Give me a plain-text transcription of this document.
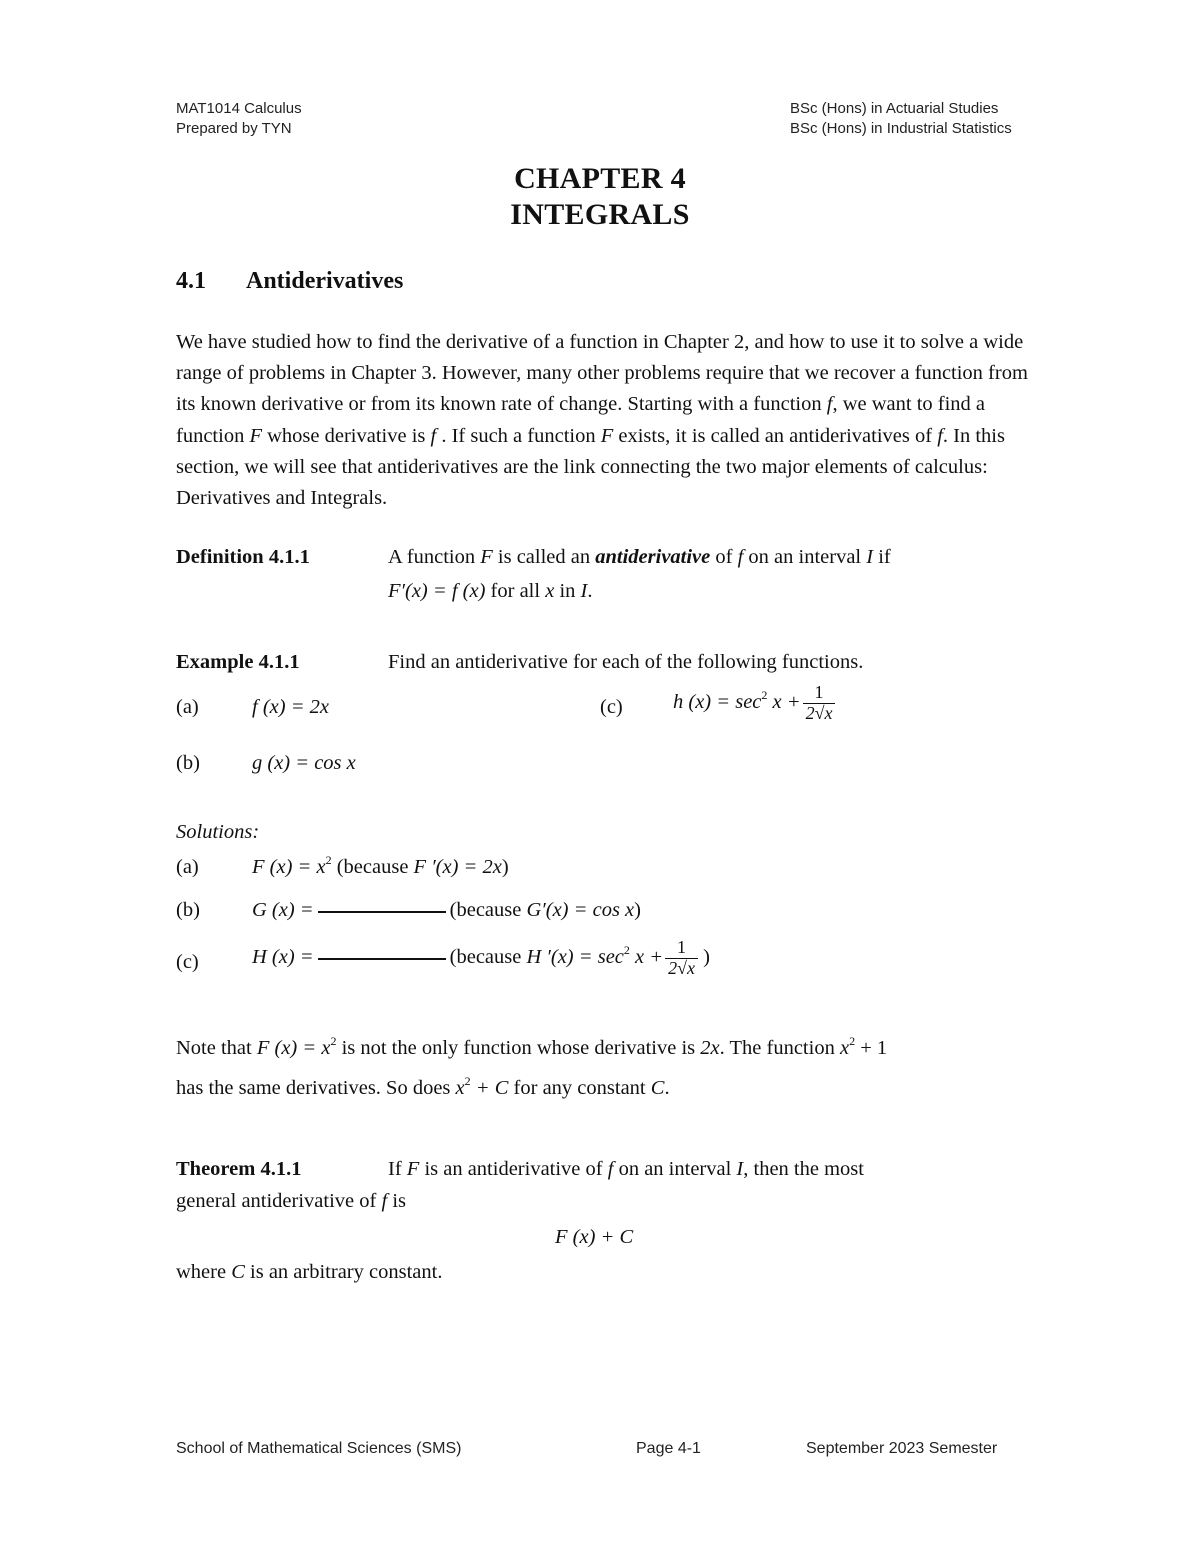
MAT1014 Calculus
Prepared by TYN
BSc (Hons) in Actuarial Studies
BSc (Hons) in Industrial Statistics
CHAPTER 4
INTEGRALS
4.1 Antiderivatives
We have studied how to find the derivative of a function in Chapter 2, and how to use it to solve a wide range of problems in Chapter 3. However, many other problems require that we recover a function from its known derivative or from its known rate of change. Starting with a function f, we want to find a function F whose derivative is f . If such a function F exists, it is called an antiderivatives of f. In this section, we will see that antiderivatives are the link connecting the two major elements of calculus: Derivatives and Integrals.
Definition 4.1.1	A function F is called an antiderivative of f on an interval I if
F′(x) = f (x) for all x in I.
Example 4.1.1	Find an antiderivative for each of the following functions.
(a)	f (x) = 2x	(c) h $(x) = \sec^2 x + \frac{1}{2√x}$
(b)	g (x) = cos x
Solutions:
(a)	F $(x) = x^2$ (because F ′(x) = 2x)
(b)	G (x) =	(because G′(x) = cos x)
(c)	H (x) =	(because H $'(x) = \sec^2 x + \frac{1}{2√x}$ )
Note that F $(x) = x^2$ is not the only function whose derivative is 2x. The function $x^2 + 1$
has the same derivatives. So does $x^2 + C$ for any constant C.
Theorem 4.1.1	If F is an antiderivative of f on an interval I, then the most
general antiderivative of f is
F (x) + C
where C is an arbitrary constant.
School of Mathematical Sciences (SMS)	Page 4-1	September 2023 Semester
